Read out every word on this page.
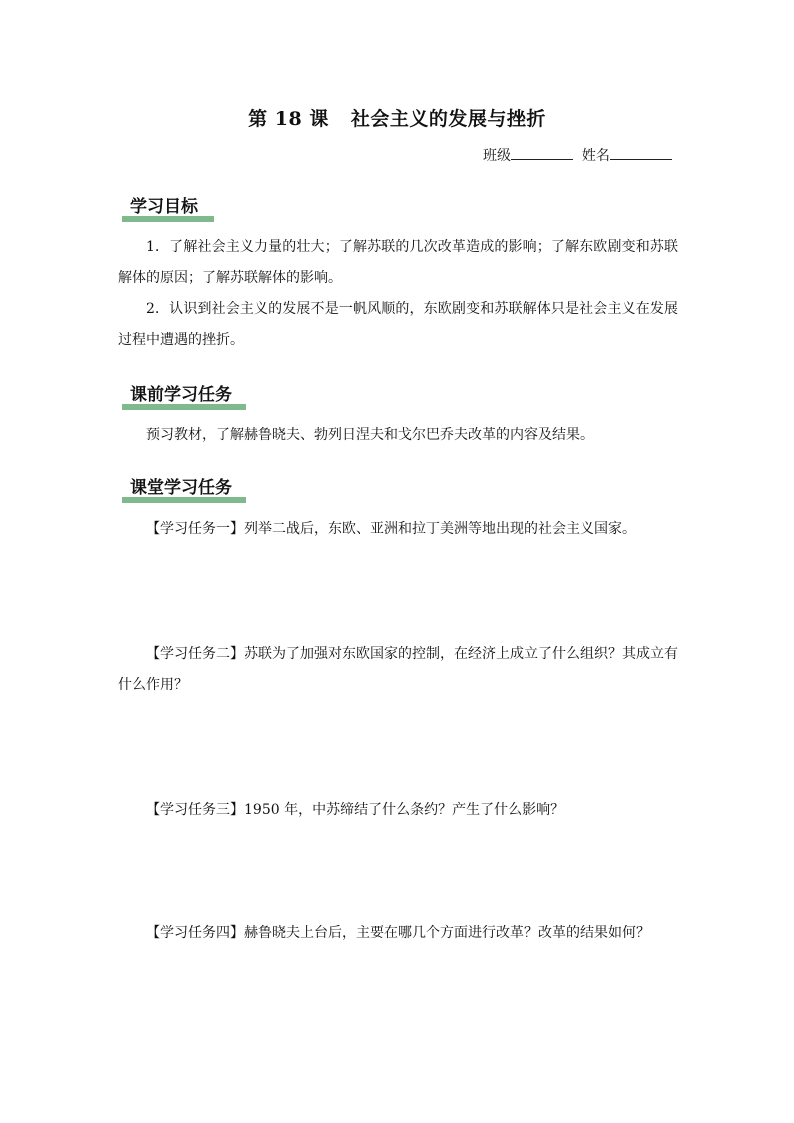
第 18 课 社会主义的发展与挫折
班级	姓名
学习目标

1．了解社会主义力量的壮大；了解苏联的几次改革造成的影响；了解东欧剧变和苏联解体的原因；了解苏联解体的影响。

2．认识到社会主义的发展不是一帆风顺的，东欧剧变和苏联解体只是社会主义在发展过程中遭遇的挫折。

课前学习任务

预习教材，了解赫鲁晓夫、勃列日涅夫和戈尔巴乔夫改革的内容及结果。

课堂学习任务

【学习任务一】列举二战后，东欧、亚洲和拉丁美洲等地出现的社会主义国家。

【学习任务二】苏联为了加强对东欧国家的控制，在经济上成立了什么组织？其成立有什么作用？

【学习任务三】1950 年，中苏缔结了什么条约？产生了什么影响？

【学习任务四】赫鲁晓夫上台后，主要在哪几个方面进行改革？改革的结果如何？
